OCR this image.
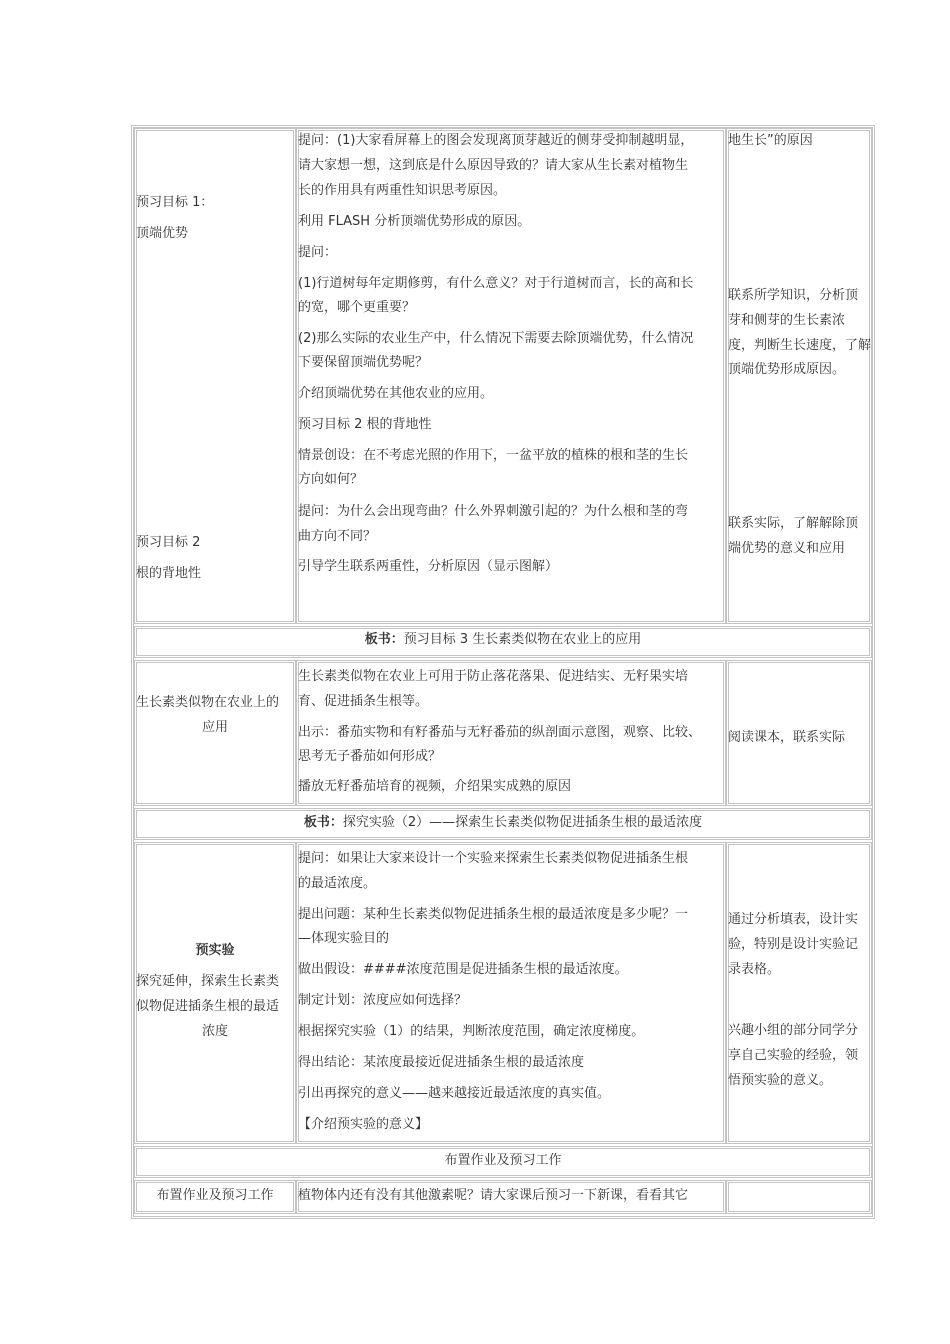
预习目标 1：
顶端优势
预习目标 2
根的背地性
提问：(1)大家看屏幕上的图会发现离顶芽越近的侧芽受抑制越明显，
请大家想一想，这到底是什么原因导致的？请大家从生长素对植物生
长的作用具有两重性知识思考原因。
利用 FLASH 分析顶端优势形成的原因。
提问：
(1)行道树每年定期修剪，有什么意义？对于行道树而言，长的高和长
的宽，哪个更重要？
(2)那么实际的农业生产中，什么情况下需要去除顶端优势，什么情况
下要保留顶端优势呢？
介绍顶端优势在其他农业的应用。
预习目标 2 根的背地性
情景创设：在不考虑光照的作用下，一盆平放的植株的根和茎的生长
方向如何？
提问：为什么会出现弯曲？什么外界刺激引起的？为什么根和茎的弯
曲方向不同？
引导学生联系两重性，分析原因（显示图解）
地生长”的原因
联系所学知识，分析顶
芽和侧芽的生长素浓
度，判断生长速度，了解
顶端优势形成原因。
联系实际，了解解除顶
端优势的意义和应用
板书：预习目标 3 生长素类似物在农业上的应用
生长素类似物在农业上的
应用
生长素类似物在农业上可用于防止落花落果、促进结实、无籽果实培
育、促进插条生根等。
出示：番茄实物和有籽番茄与无籽番茄的纵剖面示意图，观察、比较、
思考无子番茄如何形成？
播放无籽番茄培育的视频，介绍果实成熟的原因
阅读课本，联系实际
板书：探究实验（2）——探索生长素类似物促进插条生根的最适浓度
预实验
探究延伸，探索生长素类
似物促进插条生根的最适
浓度
提问：如果让大家来设计一个实验来探索生长素类似物促进插条生根
的最适浓度。
提出问题：某种生长素类似物促进插条生根的最适浓度是多少呢？一
—体现实验目的
做出假设：####浓度范围是促进插条生根的最适浓度。
制定计划：浓度应如何选择？
根据探究实验（1）的结果，判断浓度范围，确定浓度梯度。
得出结论：某浓度最接近促进插条生根的最适浓度
引出再探究的意义——越来越接近最适浓度的真实值。
【介绍预实验的意义】
通过分析填表，设计实
验，特别是设计实验记
录表格。
兴趣小组的部分同学分
享自己实验的经验，领
悟预实验的意义。
布置作业及预习工作
布置作业及预习工作	植物体内还有没有其他激素呢？请大家课后预习一下新课，看看其它
